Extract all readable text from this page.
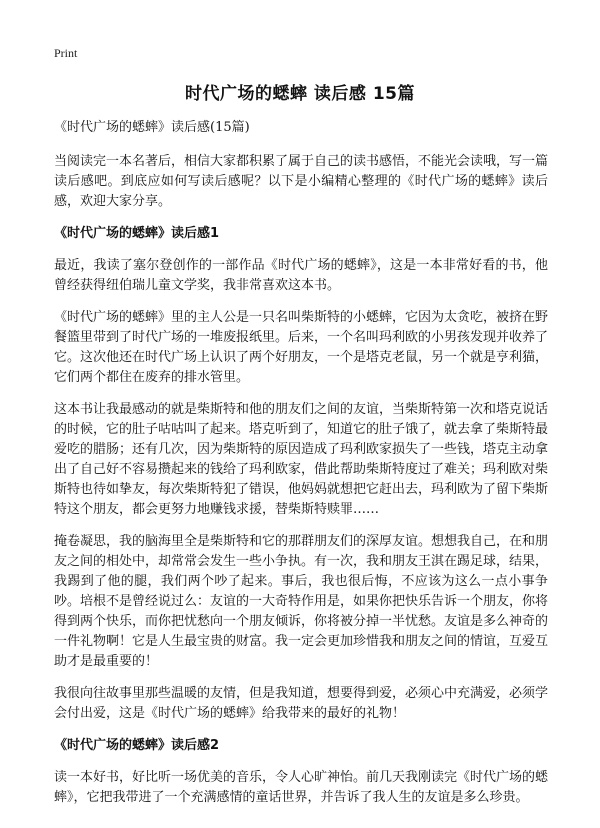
Print
时代广场的蟋蟀 读后感 15篇
《时代广场的蟋蟀》读后感(15篇)

当阅读完一本名著后，相信大家都积累了属于自己的读书感悟，不能光会读哦，写一篇读后感吧。到底应如何写读后感呢？以下是小编精心整理的《时代广场的蟋蟀》读后感，欢迎大家分享。

《时代广场的蟋蟀》读后感1

最近，我读了塞尔登创作的一部作品《时代广场的蟋蟀》，这是一本非常好看的书，他曾经获得纽伯瑞儿童文学奖，我非常喜欢这本书。

《时代广场的蟋蟀》里的主人公是一只名叫柴斯特的小蟋蟀，它因为太贪吃，被挤在野餐篮里带到了时代广场的一堆废报纸里。后来，一个名叫玛利欧的小男孩发现并收养了它。这次他还在时代广场上认识了两个好朋友，一个是塔克老鼠，另一个就是亨利猫，它们两个都住在废弃的排水管里。

这本书让我最感动的就是柴斯特和他的朋友们之间的友谊，当柴斯特第一次和塔克说话的时候，它的肚子咕咕叫了起来。塔克听到了，知道它的肚子饿了，就去拿了柴斯特最爱吃的腊肠；还有几次，因为柴斯特的原因造成了玛利欧家损失了一些钱，塔克主动拿出了自己好不容易攒起来的钱给了玛利欧家，借此帮助柴斯特度过了难关；玛利欧对柴斯特也待如挚友，每次柴斯特犯了错误，他妈妈就想把它赶出去，玛利欧为了留下柴斯特这个朋友，都会更努力地赚钱求援，替柴斯特赎罪……

掩卷凝思，我的脑海里全是柴斯特和它的那群朋友们的深厚友谊。想想我自己，在和朋友之间的相处中，却常常会发生一些小争执。有一次，我和朋友王淇在踢足球，结果，我踢到了他的腿，我们两个吵了起来。事后，我也很后悔，不应该为这么一点小事争吵。培根不是曾经说过么：友谊的一大奇特作用是，如果你把快乐告诉一个朋友，你将得到两个快乐，而你把忧愁向一个朋友倾诉，你将被分掉一半忧愁。友谊是多么神奇的一件礼物啊！它是人生最宝贵的财富。我一定会更加珍惜我和朋友之间的情谊，互爱互助才是最重要的！

我很向往故事里那些温暖的友情，但是我知道，想要得到爱，必须心中充满爱，必须学会付出爱，这是《时代广场的蟋蟀》给我带来的最好的礼物！

《时代广场的蟋蟀》读后感2

读一本好书，好比听一场优美的音乐，令人心旷神怡。前几天我刚读完《时代广场的蟋蟀》，它把我带进了一个充满感情的童话世界，并告诉了我人生的友谊是多么珍贵。
